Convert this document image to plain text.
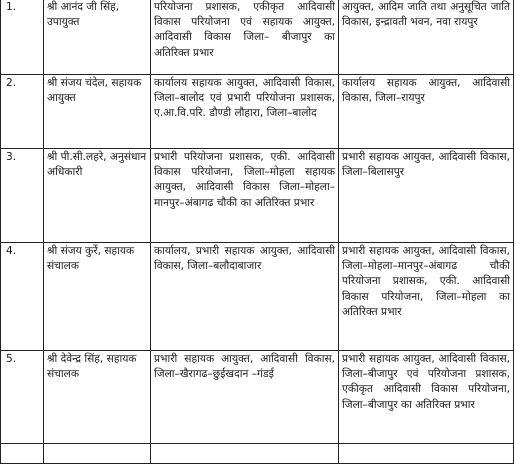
1.	श्री आनंद जी सिंह, उपायुक्त	परियोजना प्रशासक, एकीकृत आदिवासी विकास परियोजना एवं सहायक आयुक्त, आदिवासी विकास जिला– बीजापुर का अतिरिक्त प्रभार	आयुक्त, आदिम जाति तथा अनुसूचित जाति विकास, इन्द्रावती भवन, नवा रायपुर
2.	श्री संजय चंदेल, सहायक आयुक्त	कार्यालय सहायक आयुक्त, आदिवासी विकास, जिला–बालोद एवं प्रभारी परियोजना प्रशासक, ए.आ.वि.परि. डौण्डी लौहारा, जिला–बालोद	कार्यालय सहायक आयुक्त, आदिवासी विकास, जिला–रायपुर
3.	श्री पी.सी.लहरे, अनुसंधान अधिकारी	प्रभारी परियोजना प्रशासक, एकी. आदिवासी विकास परियोजना, जिला–मोहला सहायक आयुक्त, आदिवासी विकास जिला–मोहला–मानपुर–अंबागढ चौकी का अतिरिक्त प्रभार	प्रभारी सहायक आयुक्त, आदिवासी विकास, जिला–बिलासपुर
4.	श्री संजय कुर्रे, सहायक संचालक	कार्यालय, प्रभारी सहायक आयुक्त, आदिवासी विकास, जिला–बलौदाबाजार	प्रभारी सहायक आयुक्त, आदिवासी विकास, जिला–मोहला–मानपुर–अंबागढ चौकी परियोजना प्रशासक, एकी. आदिवासी विकास परियोजना, जिला–मोहला का अतिरिक्त प्रभार
5.	श्री देवेन्द्र सिंह, सहायक संचालक	प्रभारी सहायक आयुक्त, आदिवासी विकास, जिला–खैरागढ–छुईखदान –गंडई	प्रभारी सहायक आयुक्त, आदिवासी विकास, जिला–बीजापुर एवं परियोजना प्रशासक, एकीकृत आदिवासी विकास परियोजना, जिला–बीजापुर का अतिरिक्त प्रभार
